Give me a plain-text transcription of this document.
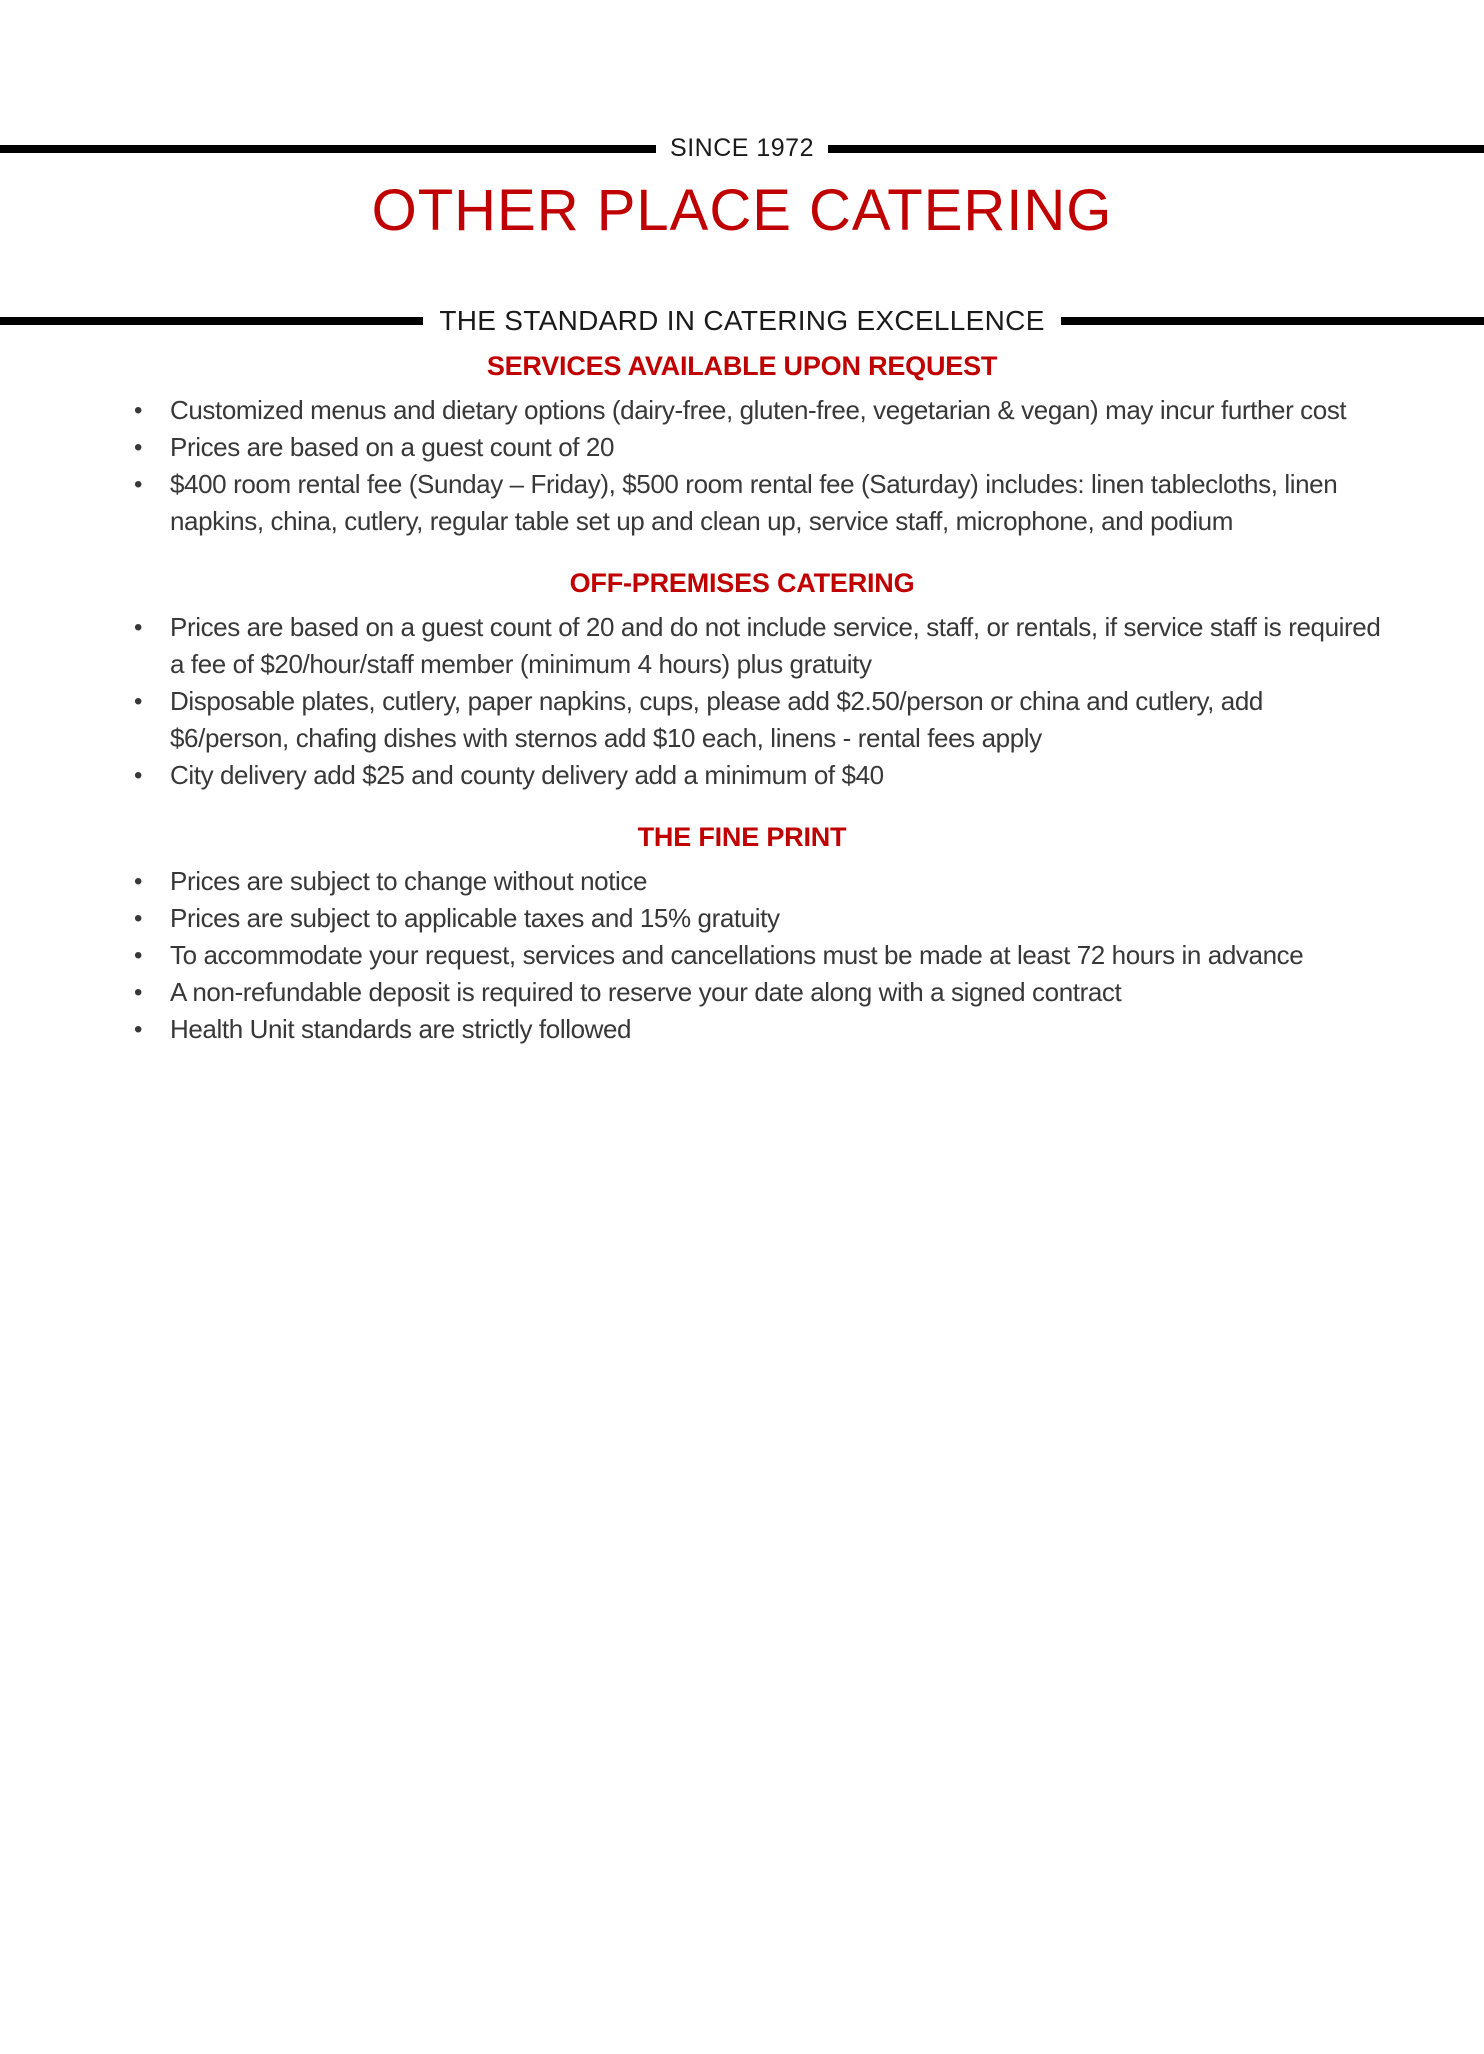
SINCE 1972
OTHER PLACE CATERING
THE STANDARD IN CATERING EXCELLENCE
SERVICES AVAILABLE UPON REQUEST
• Customized menus and dietary options (dairy-free, gluten-free, vegetarian & vegan) may incur further cost
• Prices are based on a guest count of 20
• $400 room rental fee (Sunday – Friday), $500 room rental fee (Saturday) includes: linen tablecloths, linen napkins, china, cutlery, regular table set up and clean up, service staff, microphone, and podium
OFF-PREMISES CATERING
• Prices are based on a guest count of 20 and do not include service, staff, or rentals, if service staff is required a fee of $20/hour/staff member (minimum 4 hours) plus gratuity
• Disposable plates, cutlery, paper napkins, cups, please add $2.50/person or china and cutlery, add $6/person, chafing dishes with sternos add $10 each, linens - rental fees apply
• City delivery add $25 and county delivery add a minimum of $40
THE FINE PRINT
• Prices are subject to change without notice
• Prices are subject to applicable taxes and 15% gratuity
• To accommodate your request, services and cancellations must be made at least 72 hours in advance
• A non-refundable deposit is required to reserve your date along with a signed contract
• Health Unit standards are strictly followed
